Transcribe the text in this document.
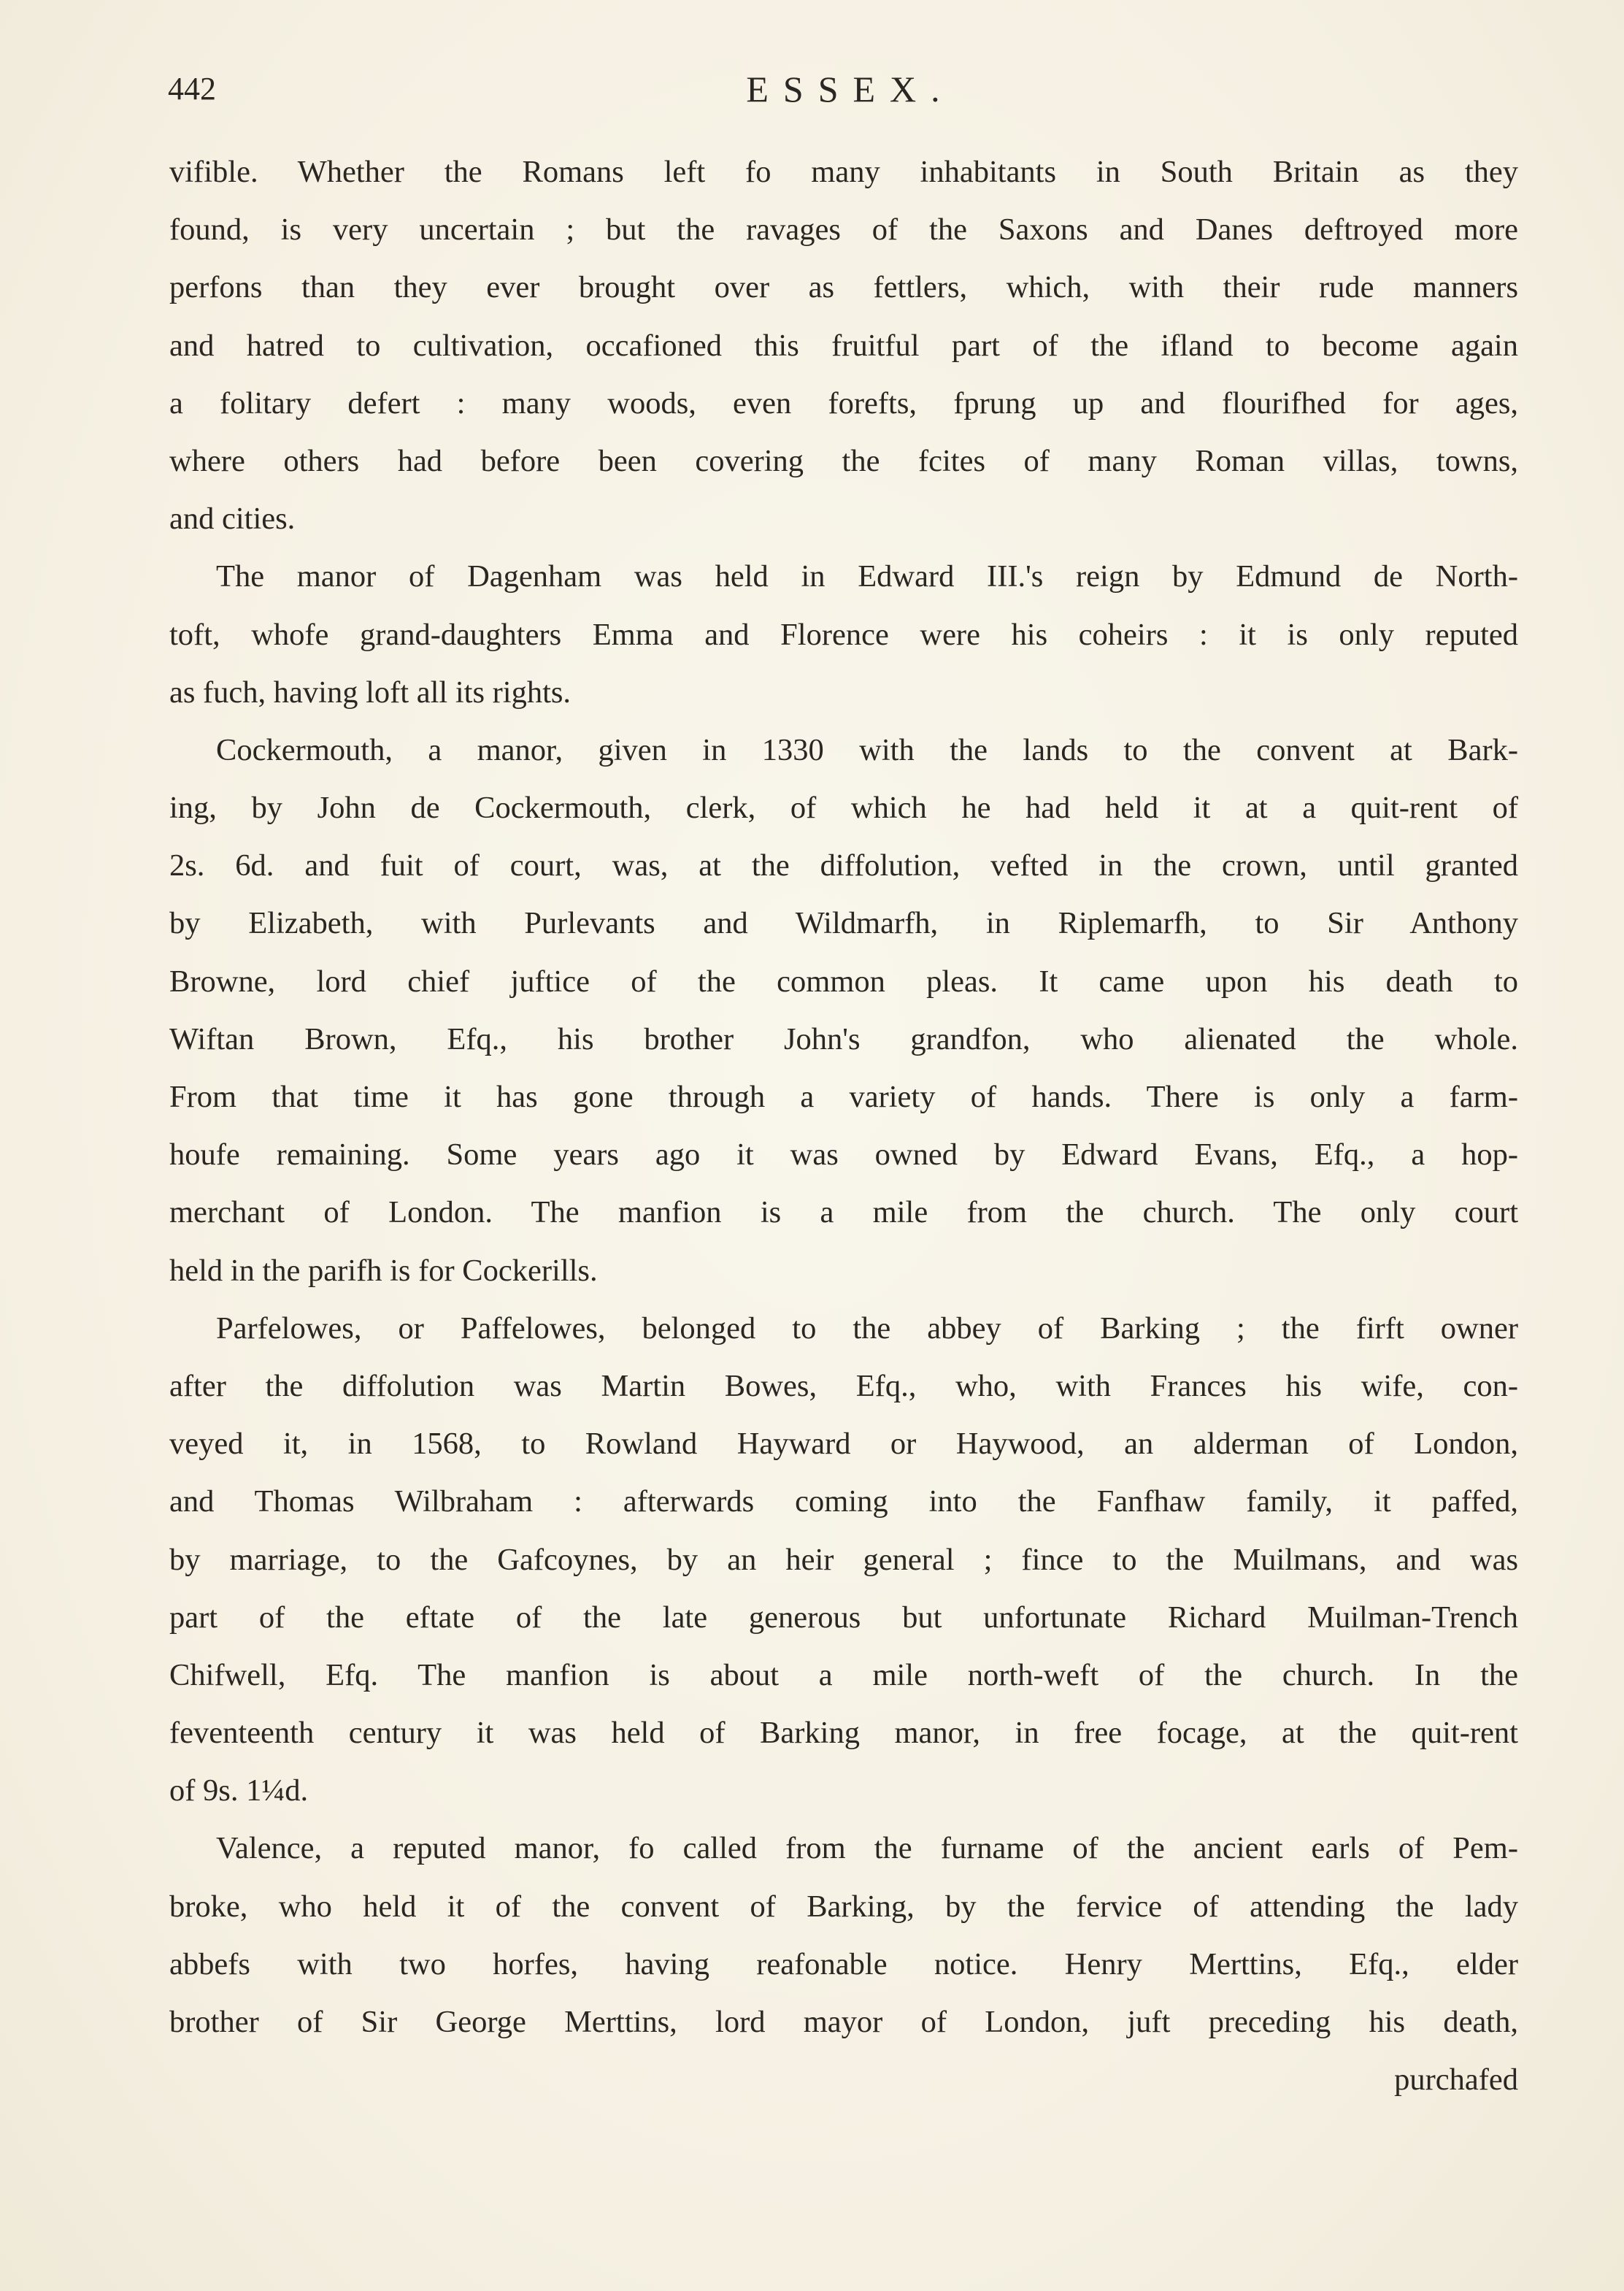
442	ESSEX.
vifible. Whether the Romans left fo many inhabitants in South Britain as they
found, is very uncertain ; but the ravages of the Saxons and Danes deftroyed more
perfons than they ever brought over as fettlers, which, with their rude manners
and hatred to cultivation, occafioned this fruitful part of the ifland to become again
a folitary defert : many woods, even forefts, fprung up and flourifhed for ages,
where others had before been covering the fcites of many Roman villas, towns,
and cities.
The manor of Dagenham was held in Edward III.'s reign by Edmund de North-
toft, whofe grand-daughters Emma and Florence were his coheirs : it is only reputed
as fuch, having loft all its rights.
Cockermouth, a manor, given in 1330 with the lands to the convent at Bark-
ing, by John de Cockermouth, clerk, of which he had held it at a quit-rent of
2s. 6d. and fuit of court, was, at the diffolution, vefted in the crown, until granted
by Elizabeth, with Purlevants and Wildmarfh, in Riplemarfh, to Sir Anthony
Browne, lord chief juftice of the common pleas. It came upon his death to
Wiftan Brown, Efq., his brother John's grandfon, who alienated the whole.
From that time it has gone through a variety of hands. There is only a farm-
houfe remaining. Some years ago it was owned by Edward Evans, Efq., a hop-
merchant of London. The manfion is a mile from the church. The only court
held in the parifh is for Cockerills.
Parfelowes, or Paffelowes, belonged to the abbey of Barking ; the firft owner
after the diffolution was Martin Bowes, Efq., who, with Frances his wife, con-
veyed it, in 1568, to Rowland Hayward or Haywood, an alderman of London,
and Thomas Wilbraham : afterwards coming into the Fanfhaw family, it paffed,
by marriage, to the Gafcoynes, by an heir general ; fince to the Muilmans, and was
part of the eftate of the late generous but unfortunate Richard Muilman-Trench
Chifwell, Efq. The manfion is about a mile north-weft of the church. In the
feventeenth century it was held of Barking manor, in free focage, at the quit-rent
of 9s. 1¼d.
Valence, a reputed manor, fo called from the furname of the ancient earls of Pem-
broke, who held it of the convent of Barking, by the fervice of attending the lady
abbefs with two horfes, having reafonable notice. Henry Merttins, Efq., elder
brother of Sir George Merttins, lord mayor of London, juft preceding his death,
purchafed
